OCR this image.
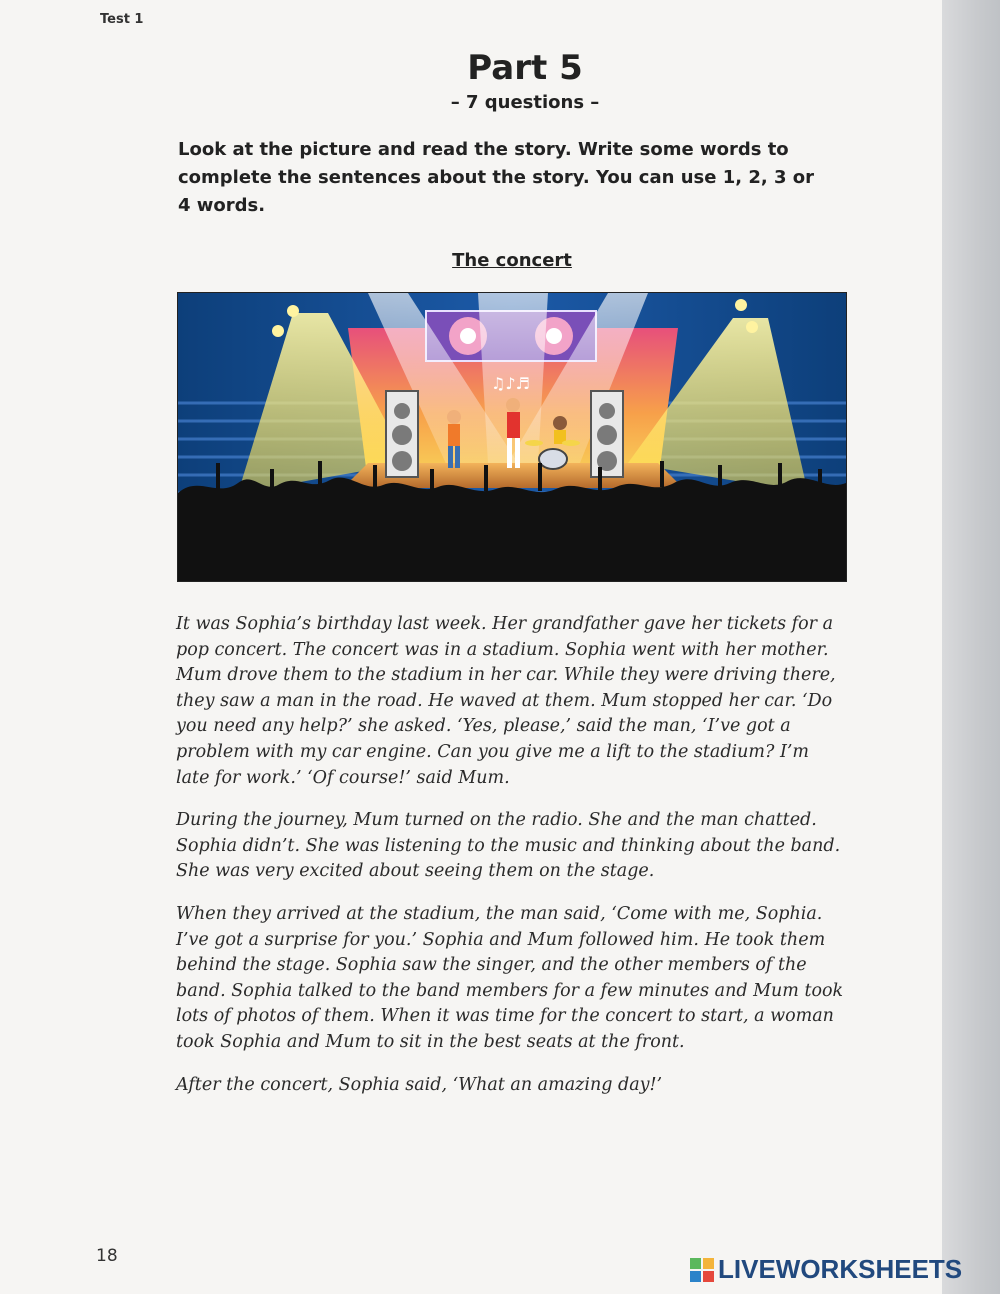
Test 1
Part 5
– 7 questions –
Look at the picture and read the story. Write some words to complete the sentences about the story. You can use 1, 2, 3 or 4 words.
The concert
♫♪♬

It was Sophia’s birthday last week. Her grandfather gave her tickets for a pop concert. The concert was in a stadium. Sophia went with her mother. Mum drove them to the stadium in her car. While they were driving there, they saw a man in the road. He waved at them. Mum stopped her car. ‘Do you need any help?’ she asked. ‘Yes, please,’ said the man, ‘I’ve got a problem with my car engine. Can you give me a lift to the stadium? I’m late for work.’ ‘Of course!’ said Mum.

During the journey, Mum turned on the radio. She and the man chatted. Sophia didn’t. She was listening to the music and thinking about the band. She was very excited about seeing them on the stage.

When they arrived at the stadium, the man said, ‘Come with me, Sophia. I’ve got a surprise for you.’ Sophia and Mum followed him. He took them behind the stage. Sophia saw the singer, and the other members of the band. Sophia talked to the band members for a few minutes and Mum took lots of photos of them. When it was time for the concert to start, a woman took Sophia and Mum to sit in the best seats at the front.

After the concert, Sophia said, ‘What an amazing day!’

18	LIVEWORKSHEETS
